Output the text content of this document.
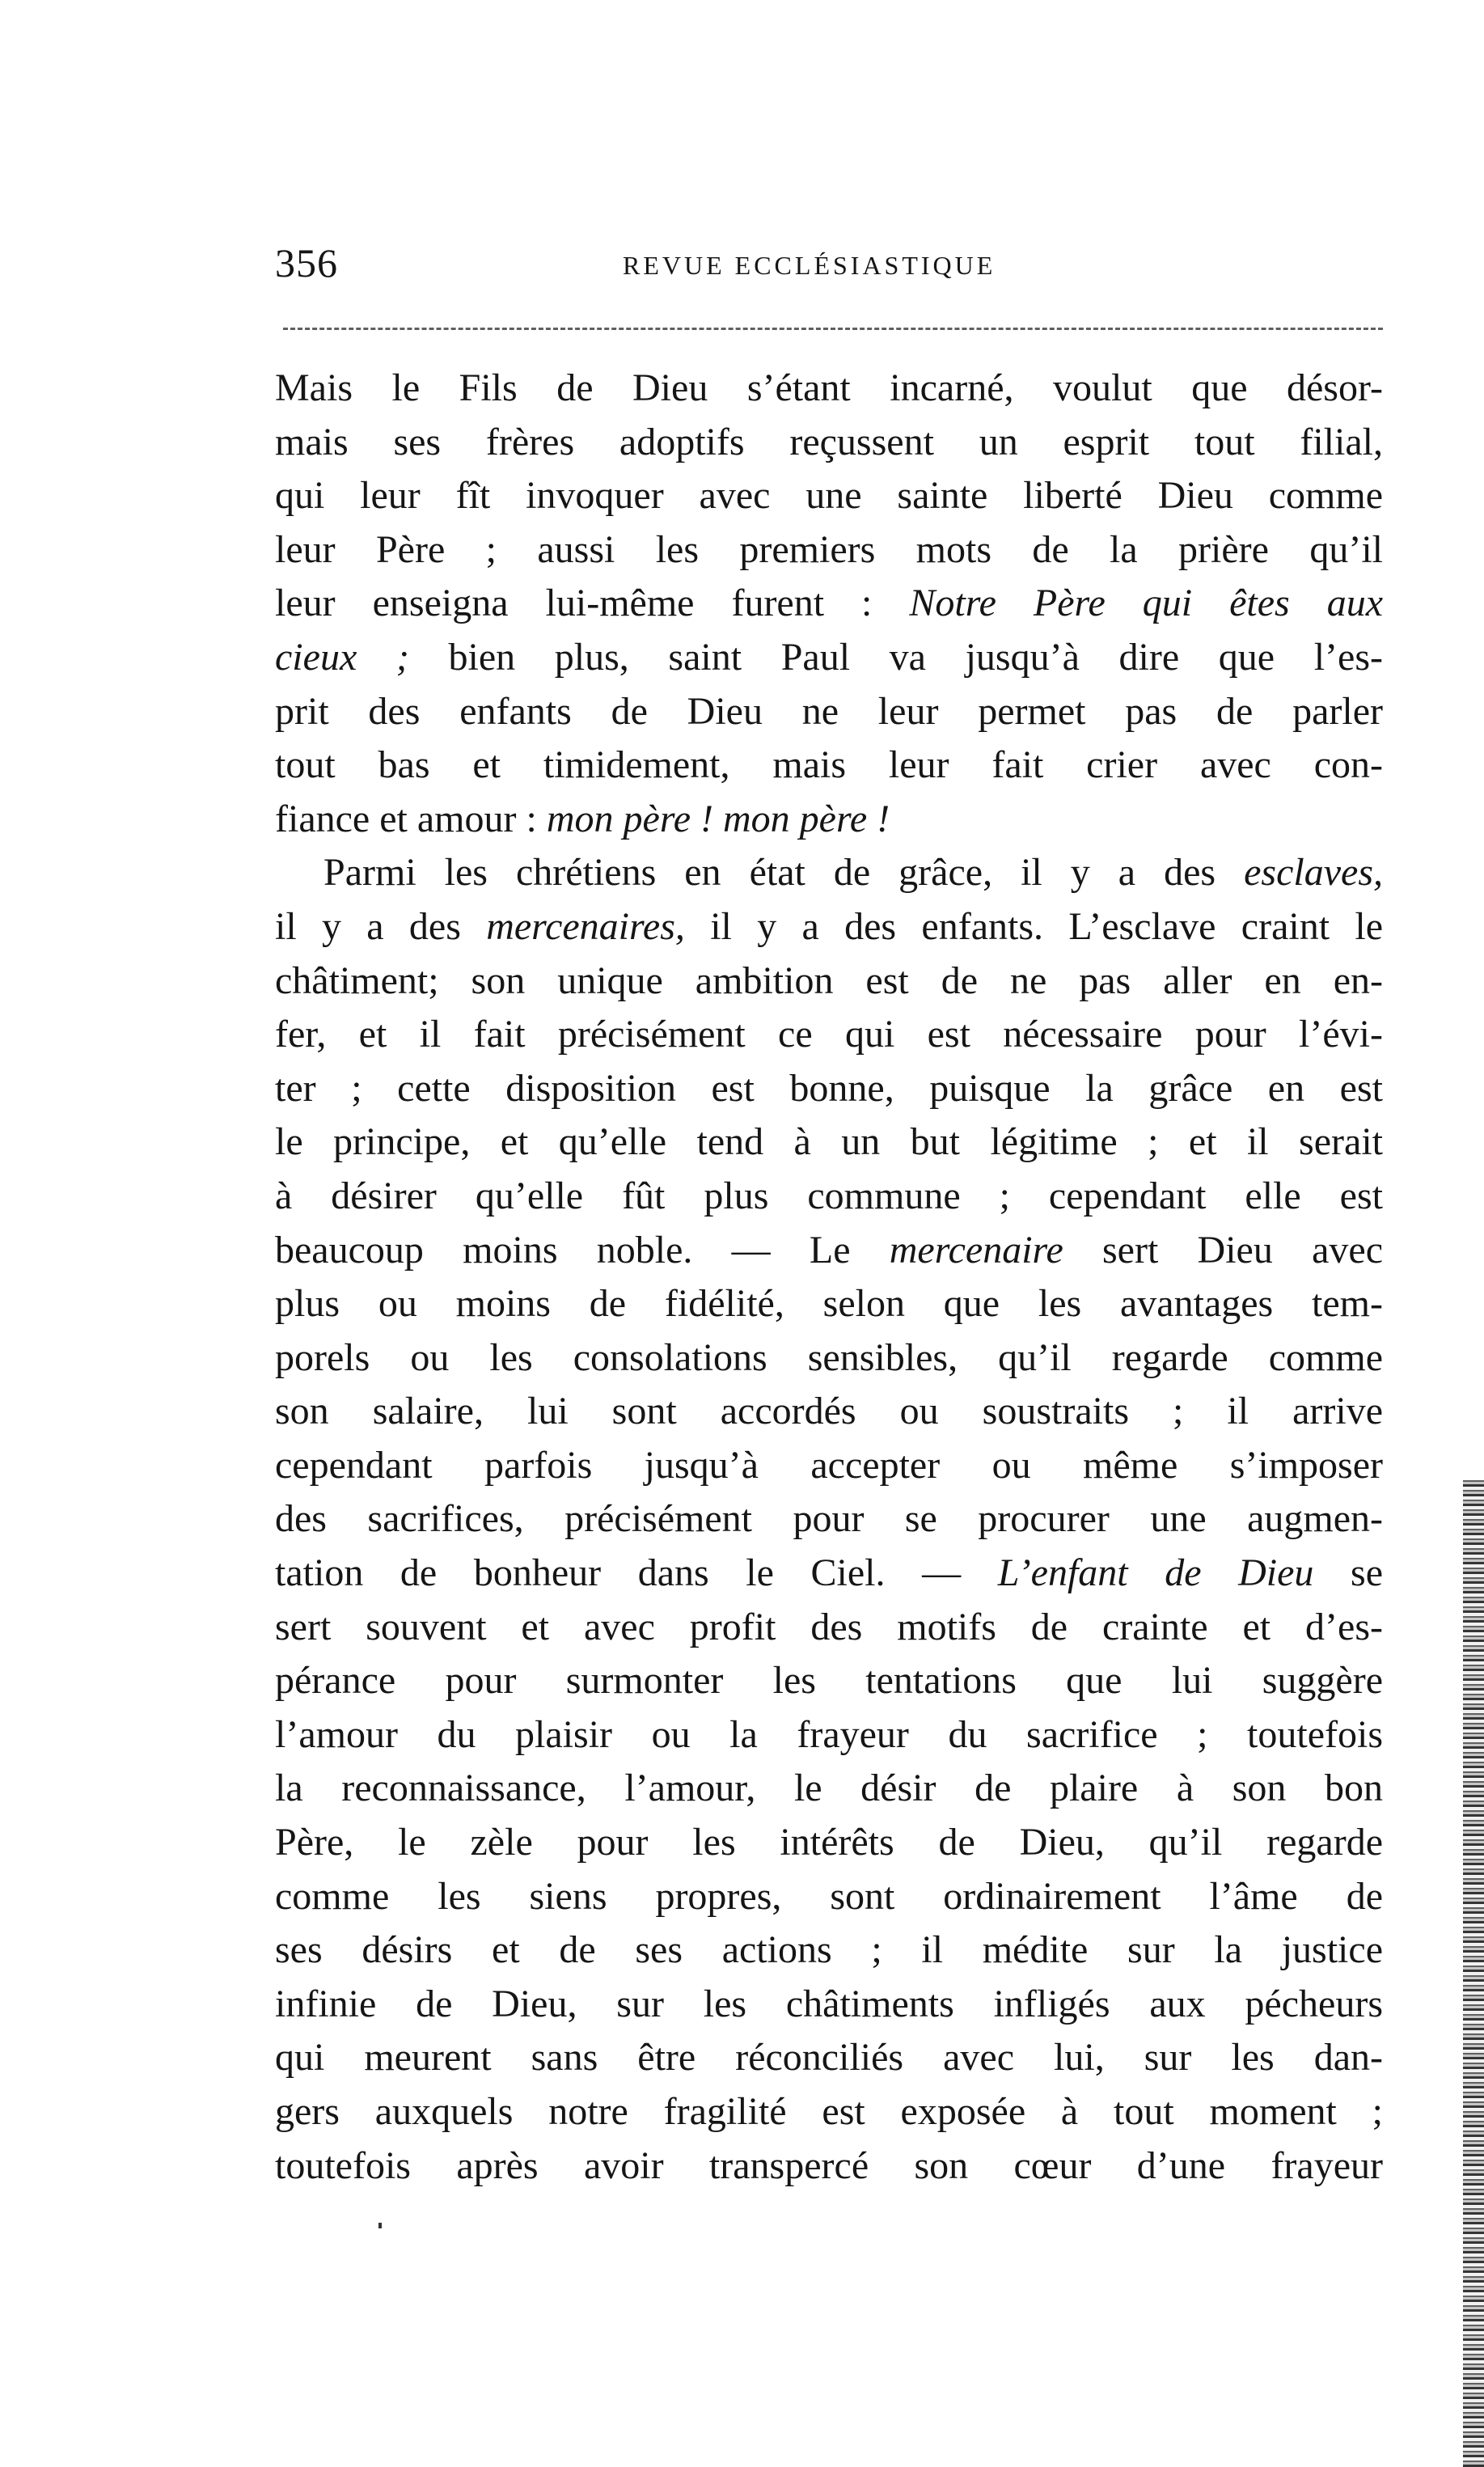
356	REVUE ECCLÉSIASTIQUE
Mais le Fils de Dieu s’étant incarné, voulut que désor-
mais ses frères adoptifs reçussent un esprit tout filial,
qui leur fît invoquer avec une sainte liberté Dieu comme
leur Père ; aussi les premiers mots de la prière qu’il
leur enseigna lui-même furent : Notre Père qui êtes aux
cieux ; bien plus, saint Paul va jusqu’à dire que l’es-
prit des enfants de Dieu ne leur permet pas de parler
tout bas et timidement, mais leur fait crier avec con-
fiance et amour : mon père ! mon père !
Parmi les chrétiens en état de grâce, il y a des esclaves,
il y a des mercenaires, il y a des enfants. L’esclave craint le
châtiment; son unique ambition est de ne pas aller en en-
fer, et il fait précisément ce qui est nécessaire pour l’évi-
ter ; cette disposition est bonne, puisque la grâce en est
le principe, et qu’elle tend à un but légitime ; et il serait
à désirer qu’elle fût plus commune ; cependant elle est
beaucoup moins noble. — Le mercenaire sert Dieu avec
plus ou moins de fidélité, selon que les avantages tem-
porels ou les consolations sensibles, qu’il regarde comme
son salaire, lui sont accordés ou soustraits ; il arrive
cependant parfois jusqu’à accepter ou même s’imposer
des sacrifices, précisément pour se procurer une augmen-
tation de bonheur dans le Ciel. — L’enfant de Dieu se
sert souvent et avec profit des motifs de crainte et d’es-
pérance pour surmonter les tentations que lui suggère
l’amour du plaisir ou la frayeur du sacrifice ; toutefois
la reconnaissance, l’amour, le désir de plaire à son bon
Père, le zèle pour les intérêts de Dieu, qu’il regarde
comme les siens propres, sont ordinairement l’âme de
ses désirs et de ses actions ; il médite sur la justice
infinie de Dieu, sur les châtiments infligés aux pécheurs
qui meurent sans être réconciliés avec lui, sur les dan-
gers auxquels notre fragilité est exposée à tout moment ;
toutefois après avoir transpercé son cœur d’une frayeur
